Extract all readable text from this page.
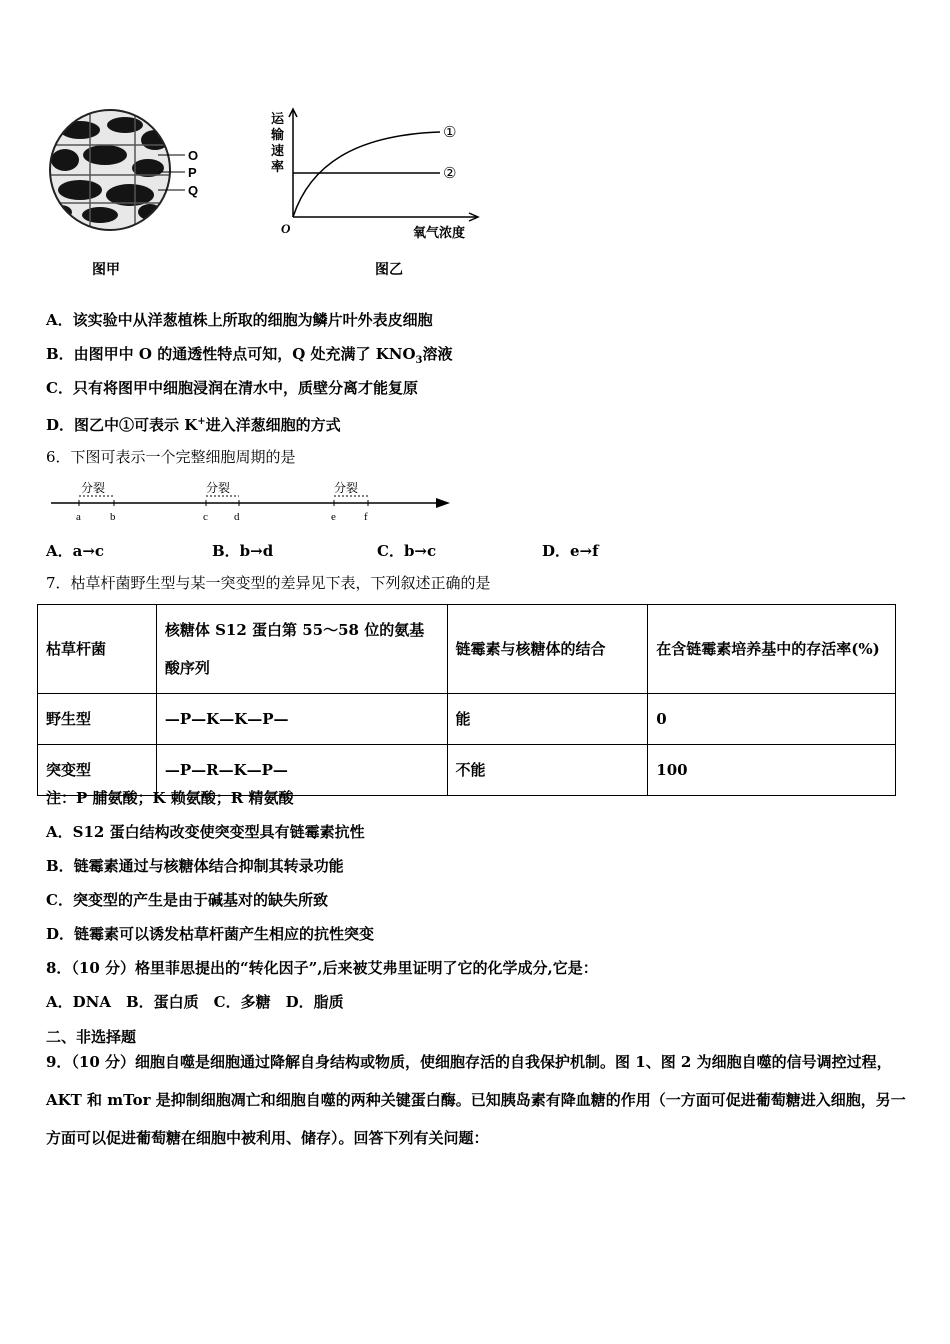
O
P
Q
图甲
运
输
速
率
①
②
O	氧气浓度
图乙
A．该实验中从洋葱植株上所取的细胞为鳞片叶外表皮细胞
B．由图甲中 O 的通透性特点可知，Q 处充满了 $KNO_3$溶液
C．只有将图甲中细胞浸润在清水中，质壁分离才能复原
D．图乙中①可表示 K+进入洋葱细胞的方式
6．下图可表示一个完整细胞周期的是
分裂	分裂	分裂
a	b	c d	e	f
A．a→c	B．b→d	C．b→c	D．e→f
7．枯草杆菌野生型与某一突变型的差异见下表，下列叙述正确的是
枯草杆菌	核糖体 S12 蛋白第 55～58 位的氨基酸序列	链霉素与核糖体的结合	在含链霉素培养基中的存活率(%)
野生型	—P—K—K—P—	能	0
突变型	—P—R—K—P—	不能	100
注：P 脯氨酸；K 赖氨酸；R 精氨酸
A．S12 蛋白结构改变使突变型具有链霉素抗性
B．链霉素通过与核糖体结合抑制其转录功能
C．突变型的产生是由于碱基对的缺失所致
D．链霉素可以诱发枯草杆菌产生相应的抗性突变
8．（10 分）格里菲思提出的“转化因子”,后来被艾弗里证明了它的化学成分,它是：
A．DNA　B．蛋白质　C．多糖　D．脂质
二、非选择题
9．（10 分）细胞自噬是细胞通过降解自身结构或物质，使细胞存活的自我保护机制。图 1、图 2 为细胞自噬的信号调控过程，AKT 和 mTor 是抑制细胞凋亡和细胞自噬的两种关键蛋白酶。已知胰岛素有降血糖的作用（一方面可促进葡萄糖进入细胞，另一方面可以促进葡萄糖在细胞中被利用、储存）。回答下列有关问题：
